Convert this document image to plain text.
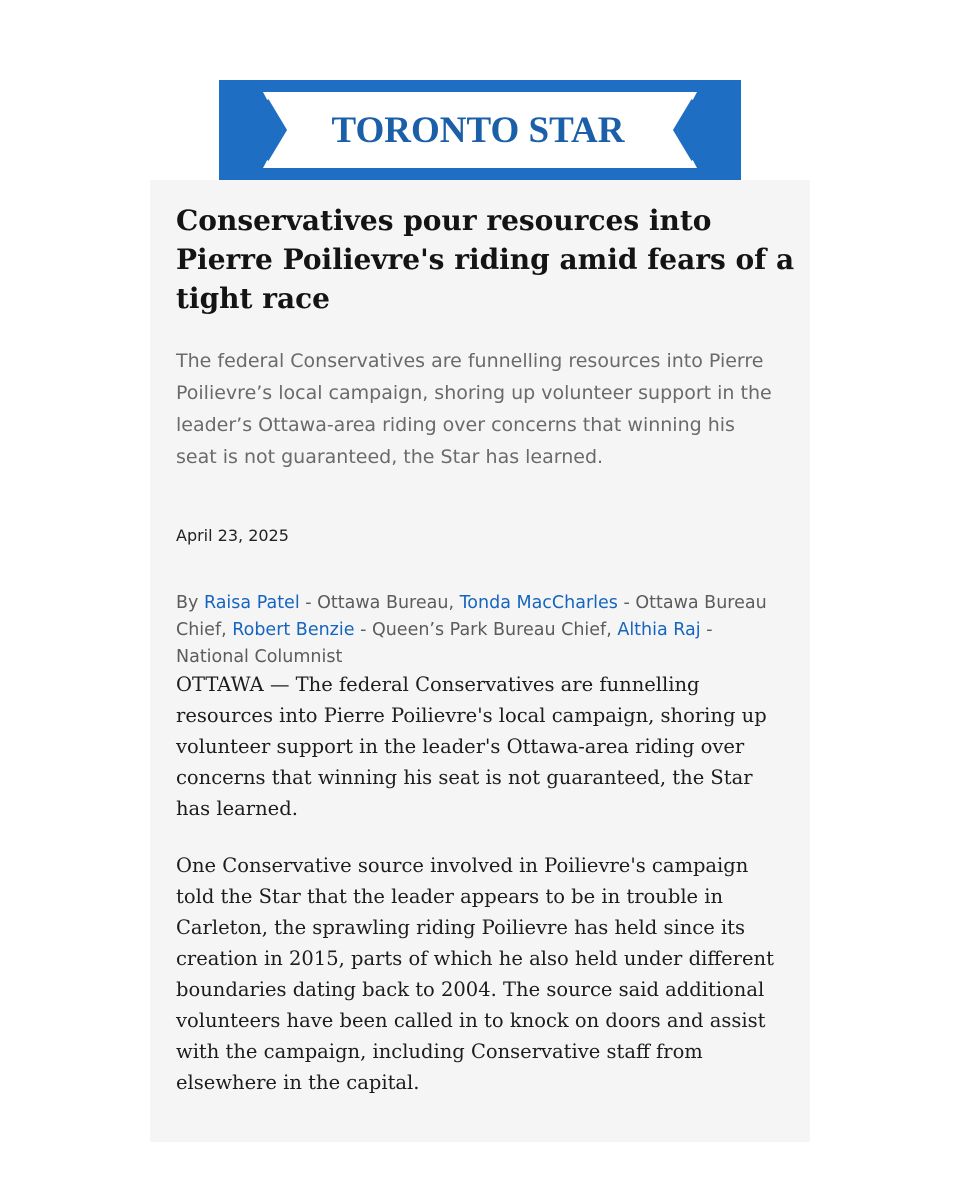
TORONTO STAR
Conservatives pour resources into Pierre Poilievre's riding amid fears of a tight race

The federal Conservatives are funnelling resources into Pierre Poilievre’s local campaign, shoring up volunteer support in the leader’s Ottawa-area riding over concerns that winning his seat is not guaranteed, the Star has learned.

April 23, 2025

By Raisa Patel - Ottawa Bureau, Tonda MacCharles - Ottawa Bureau Chief, Robert Benzie - Queen’s Park Bureau Chief, Althia Raj - National Columnist

OTTAWA — The federal Conservatives are funnelling resources into Pierre Poilievre's local campaign, shoring up volunteer support in the leader's Ottawa-area riding over concerns that winning his seat is not guaranteed, the Star has learned.

One Conservative source involved in Poilievre's campaign told the Star that the leader appears to be in trouble in Carleton, the sprawling riding Poilievre has held since its creation in 2015, parts of which he also held under different boundaries dating back to 2004. The source said additional volunteers have been called in to knock on doors and assist with the campaign, including Conservative staff from elsewhere in the capital.
